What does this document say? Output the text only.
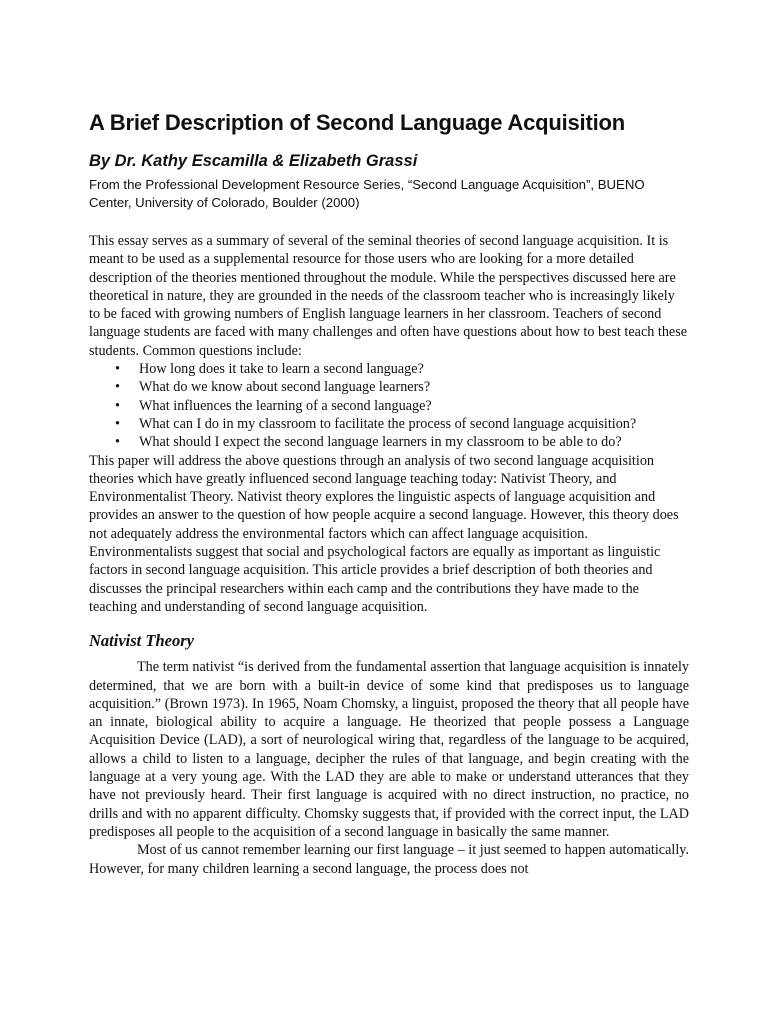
A Brief Description of Second Language Acquisition
By Dr. Kathy Escamilla & Elizabeth Grassi
From the Professional Development Resource Series, “Second Language Acquisition”, BUENO Center, University of Colorado, Boulder (2000)

This essay serves as a summary of several of the seminal theories of second language acquisition. It is meant to be used as a supplemental resource for those users who are looking for a more detailed description of the theories mentioned throughout the module. While the perspectives discussed here are theoretical in nature, they are grounded in the needs of the classroom teacher who is increasingly likely to be faced with growing numbers of English language learners in her classroom. Teachers of second language students are faced with many challenges and often have questions about how to best teach these students. Common questions include:

• How long does it take to learn a second language?
• What do we know about second language learners?
• What influences the learning of a second language?
• What can I do in my classroom to facilitate the process of second language acquisition?
• What should I expect the second language learners in my classroom to be able to do?

This paper will address the above questions through an analysis of two second language acquisition theories which have greatly influenced second language teaching today: Nativist Theory, and Environmentalist Theory. Nativist theory explores the linguistic aspects of language acquisition and provides an answer to the question of how people acquire a second language. However, this theory does not adequately address the environmental factors which can affect language acquisition. Environmentalists suggest that social and psychological factors are equally as important as linguistic factors in second language acquisition. This article provides a brief description of both theories and discusses the principal researchers within each camp and the contributions they have made to the teaching and understanding of second language acquisition.

Nativist Theory

The term nativist “is derived from the fundamental assertion that language acquisition is innately determined, that we are born with a built-in device of some kind that predisposes us to language acquisition.” (Brown 1973). In 1965, Noam Chomsky, a linguist, proposed the theory that all people have an innate, biological ability to acquire a language. He theorized that people possess a Language Acquisition Device (LAD), a sort of neurological wiring that, regardless of the language to be acquired, allows a child to listen to a language, decipher the rules of that language, and begin creating with the language at a very young age. With the LAD they are able to make or understand utterances that they have not previously heard. Their first language is acquired with no direct instruction, no practice, no drills and with no apparent difficulty. Chomsky suggests that, if provided with the correct input, the LAD predisposes all people to the acquisition of a second language in basically the same manner.

Most of us cannot remember learning our first language – it just seemed to happen automatically. However, for many children learning a second language, the process does not
